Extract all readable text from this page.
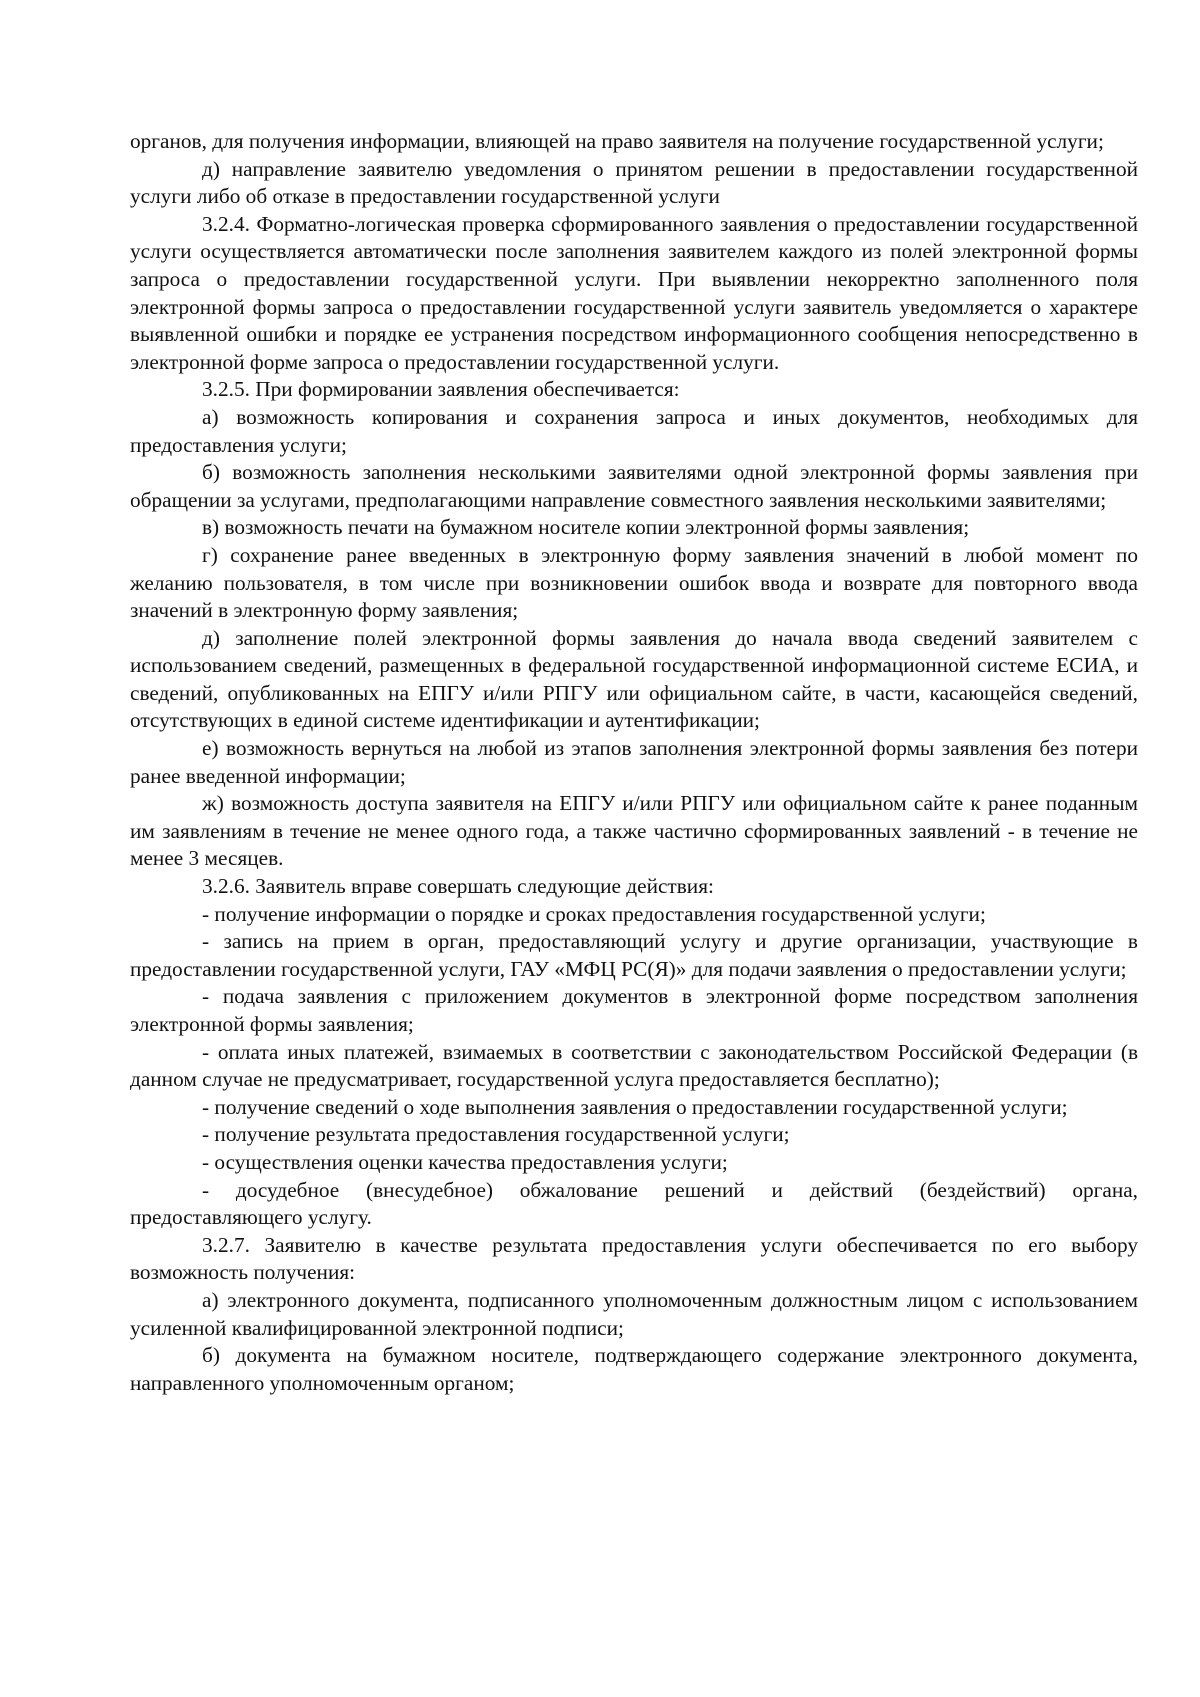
органов, для получения информации, влияющей на право заявителя на получение государственной услуги;

д) направление заявителю уведомления о принятом решении в предоставлении государственной услуги либо об отказе в предоставлении государственной услуги

3.2.4. Форматно-логическая проверка сформированного заявления о предоставлении государственной услуги осуществляется автоматически после заполнения заявителем каждого из полей электронной формы запроса о предоставлении государственной услуги. При выявлении некорректно заполненного поля электронной формы запроса о предоставлении государственной услуги заявитель уведомляется о характере выявленной ошибки и порядке ее устранения посредством информационного сообщения непосредственно в электронной форме запроса о предоставлении государственной услуги.

3.2.5. При формировании заявления обеспечивается:

а) возможность копирования и сохранения запроса и иных документов, необходимых для предоставления услуги;

б) возможность заполнения несколькими заявителями одной электронной формы заявления при обращении за услугами, предполагающими направление совместного заявления несколькими заявителями;

в) возможность печати на бумажном носителе копии электронной формы заявления;

г) сохранение ранее введенных в электронную форму заявления значений в любой момент по желанию пользователя, в том числе при возникновении ошибок ввода и возврате для повторного ввода значений в электронную форму заявления;

д) заполнение полей электронной формы заявления до начала ввода сведений заявителем с использованием сведений, размещенных в федеральной государственной информационной системе ЕСИА, и сведений, опубликованных на ЕПГУ и/или РПГУ или официальном сайте, в части, касающейся сведений, отсутствующих в единой системе идентификации и аутентификации;

е) возможность вернуться на любой из этапов заполнения электронной формы заявления без потери ранее введенной информации;

ж) возможность доступа заявителя на ЕПГУ и/или РПГУ или официальном сайте к ранее поданным им заявлениям в течение не менее одного года, а также частично сформированных заявлений - в течение не менее 3 месяцев.

3.2.6. Заявитель вправе совершать следующие действия:

- получение информации о порядке и сроках предоставления государственной услуги;

- запись на прием в орган, предоставляющий услугу и другие организации, участвующие в предоставлении государственной услуги, ГАУ «МФЦ РС(Я)» для подачи заявления о предоставлении услуги;

- подача заявления с приложением документов в электронной форме посредством заполнения электронной формы заявления;

- оплата иных платежей, взимаемых в соответствии с законодательством Российской Федерации (в данном случае не предусматривает, государственной услуга предоставляется бесплатно);

- получение сведений о ходе выполнения заявления о предоставлении государственной услуги;

- получение результата предоставления государственной услуги;

- осуществления оценки качества предоставления услуги;

- досудебное (внесудебное) обжалование решений и действий (бездействий) органа, предоставляющего услугу.

3.2.7. Заявителю в качестве результата предоставления услуги обеспечивается по его выбору возможность получения:

а) электронного документа, подписанного уполномоченным должностным лицом с использованием усиленной квалифицированной электронной подписи;

б) документа на бумажном носителе, подтверждающего содержание электронного документа, направленного уполномоченным органом;
